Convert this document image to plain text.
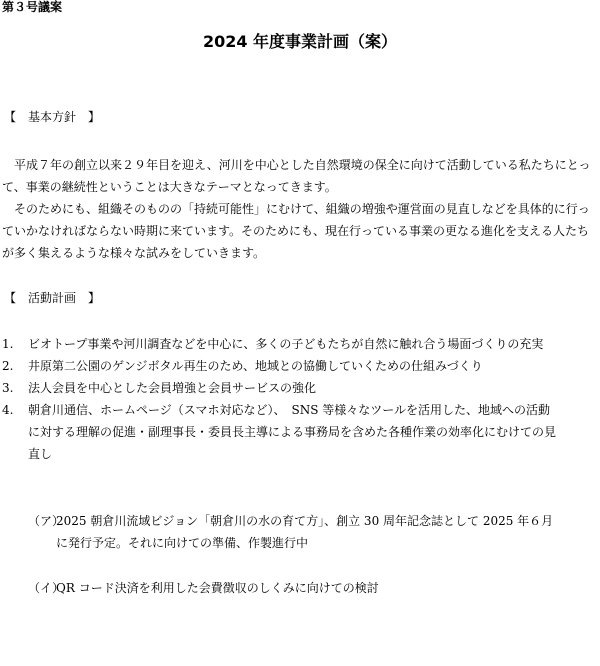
第３号議案
2024 年度事業計画（案）
【　基本方針　】

平成７年の創立以来２９年目を迎え、河川を中心とした自然環境の保全に向けて活動している私たちにとって、事業の継続性ということは大きなテーマとなってきます。

そのためにも、組織そのものの「持続可能性」にむけて、組織の増強や運営面の見直しなどを具体的に行っていかなければならない時期に来ています。そのためにも、現在行っている事業の更なる進化を支える人たちが多く集えるような様々な試みをしていきます。

【　活動計画　】
1. ビオトープ事業や河川調査などを中心に、多くの子どもたちが自然に触れ合う場面づくりの充実
2. 井原第二公園のゲンジボタル再生のため、地域との協働していくための仕組みづくり
3. 法人会員を中心とした会員増強と会員サービスの強化
4. 朝倉川通信、ホームページ（スマホ対応など）、　SNS 等様々なツールを活用した、地域への活動に対する理解の促進・副理事長・委員長主導による事務局を含めた各種作業の効率化にむけての見直し
（ア）
2025 朝倉川流域ビジョン「朝倉川の水の育て方」、創立 30 周年記念誌として 2025 年６月に発行予定。それに向けての準備、作製進行中
（イ）
QR コード決済を利用した会費徴収のしくみに向けての検討
